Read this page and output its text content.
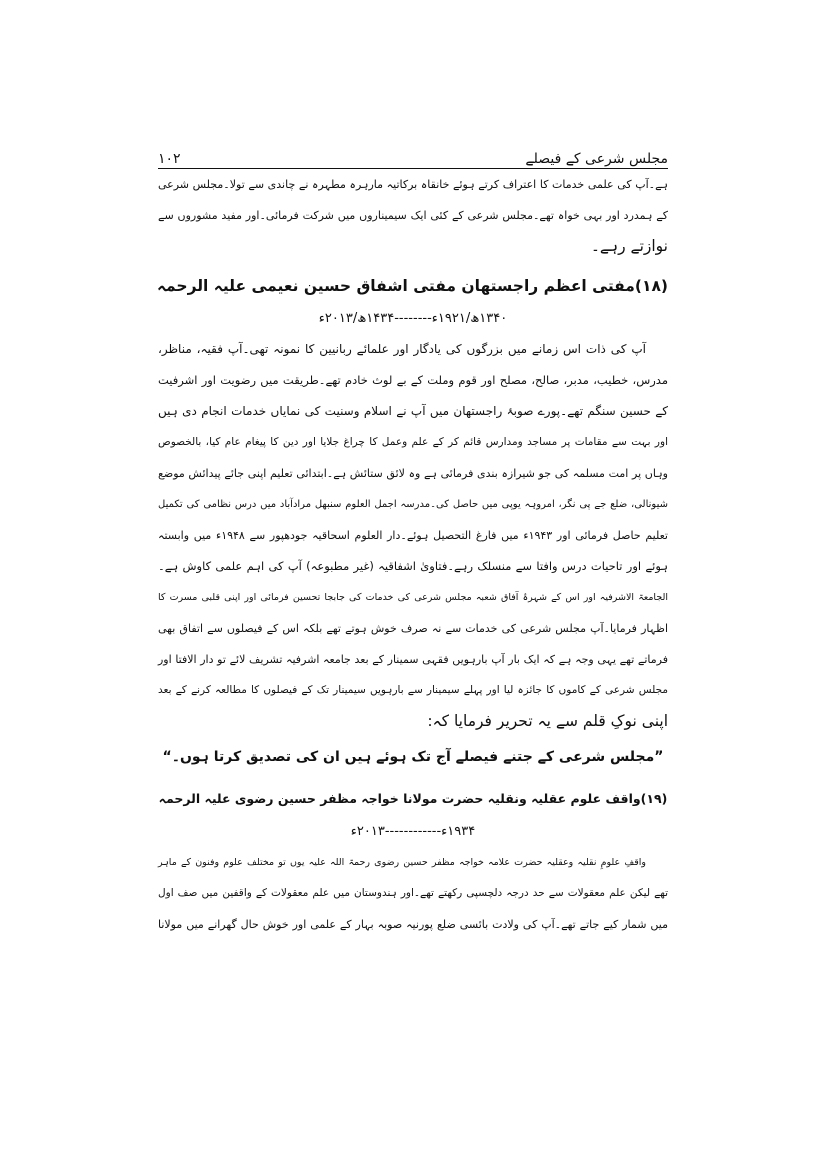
مجلس شرعی کے فیصلے
۱۰۲
ہے۔آپ کی علمی خدمات کا اعتراف کرتے ہوئے خانقاہ برکاتیہ مارہرہ مطہرہ نے چاندی سے تولا۔مجلس شرعی
کے ہمدرد اور بہی خواہ تھے۔مجلس شرعی کے کئی ایک سیمیناروں میں شرکت فرمائی۔اور مفید مشوروں سے
نوازتے رہے۔
(۱۸)مفتی اعظم راجستھان مفتی اشفاق حسین نعیمی علیہ الرحمہ
۱۳۴۰ھ/۱۹۲۱ء--------۱۴۳۴ھ/۲۰۱۳ء
آپ کی ذات اس زمانے میں بزرگوں کی یادگار اور علمائے ربانیین کا نمونہ تھی۔آپ فقیہ، مناظر،
مدرس، خطیب، مدبر، صالح، مصلح اور قوم وملت کے بے لوث خادم تھے۔طریقت میں رضویت اور اشرفیت
کے حسین سنگم تھے۔پورے صوبۂ راجستھان میں آپ نے اسلام وسنیت کی نمایاں خدمات انجام دی ہیں
اور بہت سے مقامات پر مساجد ومدارس قائم کر کے علم وعمل کا چراغ جلایا اور دین کا پیغام عام کیا، بالخصوص
وہاں پر امت مسلمہ کی جو شیرازہ بندی فرمائی ہے وہ لائق ستائش ہے۔ابتدائی تعلیم اپنی جائے پیدائش موضع
شیونالی، ضلع جے پی نگر، امروہہ یوپی میں حاصل کی۔مدرسہ اجمل العلوم سنبھل مرادآباد میں درس نظامی کی تکمیل
تعلیم حاصل فرمائی اور ۱۹۴۳ء میں فارغ التحصیل ہوئے۔دار العلوم اسحاقیہ جودھپور سے ۱۹۴۸ء میں وابستہ
ہوئے اور تاحیات درس وافتا سے منسلک رہے۔فتاویٰ اشفاقیہ (غیر مطبوعہ) آپ کی اہم علمی کاوش ہے۔
الجامعۃ الاشرفیہ اور اس کے شہرۂ آفاق شعبہ مجلس شرعی کی خدمات کی جابجا تحسین فرمائی اور اپنی قلبی مسرت کا
اظہار فرمایا۔آپ مجلس شرعی کی خدمات سے نہ صرف خوش ہوتے تھے بلکہ اس کے فیصلوں سے اتفاق بھی
فرماتے تھے یہی وجہ ہے کہ ایک بار آپ بارہویں فقہی سمینار کے بعد جامعہ اشرفیہ تشریف لائے تو دار الافتا اور
مجلس شرعی کے کاموں کا جائزہ لیا اور پہلے سیمینار سے بارہویں سیمینار تک کے فیصلوں کا مطالعہ کرنے کے بعد
اپنی نوکِ قلم سے یہ تحریر فرمایا کہ:
”مجلس شرعی کے جتنے فیصلے آج تک ہوئے ہیں ان کی تصدیق کرتا ہوں۔“
(۱۹)واقف علوم عقلیہ ونقلیہ حضرت مولانا خواجہ مظفر حسین رضوی علیہ الرحمہ
۱۹۳۴ء------------۲۰۱۳ء
واقفِ علومِ نقلیہ وعقلیہ حضرت علامہ خواجہ مظفر حسین رضوی رحمۃ اللہ علیہ یوں تو مختلف علوم وفنون کے ماہر
تھے لیکن علم معقولات سے حد درجہ دلچسپی رکھتے تھے۔اور ہندوستان میں علم معقولات کے واقفین میں صف اول
میں شمار کیے جاتے تھے۔آپ کی ولادت بائسی ضلع پورنیہ صوبہ بہار کے علمی اور خوش حال گھرانے میں مولانا
